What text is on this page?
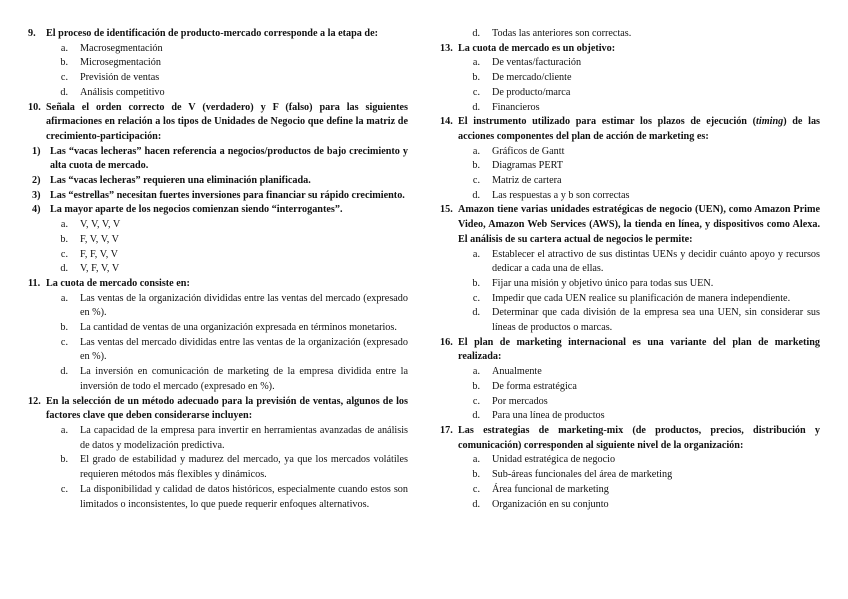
9.	El proceso de identificación de producto-mercado corresponde a la etapa de:
a. Macrosegmentación
b. Microsegmentación
c. Previsión de ventas
d. Análisis competitivo
10. Señala el orden correcto de V (verdadero) y F (falso) para las siguientes afirmaciones en relación a los tipos de Unidades de Negocio que define la matriz de crecimiento-participación:
1) Las “vacas lecheras” hacen referencia a negocios/productos de bajo crecimiento y alta cuota de mercado.
2) Las “vacas lecheras” requieren una eliminación planificada.
3) Las “estrellas” necesitan fuertes inversiones para financiar su rápido crecimiento.
4) La mayor aparte de los negocios comienzan siendo “interrogantes”.
a. V, V, V, V
b. F, V, V, V
c. F, F, V, V
d. V, F, V, V
11. La cuota de mercado consiste en:
a. Las ventas de la organización divididas entre las ventas del mercado (expresado en %).
b. La cantidad de ventas de una organización expresada en términos monetarios.
c. Las ventas del mercado divididas entre las ventas de la organización (expresado en %).
d. La inversión en comunicación de marketing de la empresa dividida entre la inversión de todo el mercado (expresado en %).
12. En la selección de un método adecuado para la previsión de ventas, algunos de los factores clave que deben considerarse incluyen:
a. La capacidad de la empresa para invertir en herramientas avanzadas de análisis de datos y modelización predictiva.
b. El grado de estabilidad y madurez del mercado, ya que los mercados volátiles requieren métodos más flexibles y dinámicos.
c. La disponibilidad y calidad de datos históricos, especialmente cuando estos son limitados o inconsistentes, lo que puede requerir enfoques alternativos.
d. Todas las anteriores son correctas.
13. La cuota de mercado es un objetivo:
a. De ventas/facturación
b. De mercado/cliente
c. De producto/marca
d. Financieros
14. El instrumento utilizado para estimar los plazos de ejecución (timing) de las acciones componentes del plan de acción de marketing es:
a. Gráficos de Gantt
b. Diagramas PERT
c. Matriz de cartera
d. Las respuestas a y b son correctas
15. Amazon tiene varias unidades estratégicas de negocio (UEN), como Amazon Prime Video, Amazon Web Services (AWS), la tienda en línea, y dispositivos como Alexa. El análisis de su cartera actual de negocios le permite:
a. Establecer el atractivo de sus distintas UENs y decidir cuánto apoyo y recursos dedicar a cada una de ellas.
b. Fijar una misión y objetivo único para todas sus UEN.
c. Impedir que cada UEN realice su planificación de manera independiente.
d. Determinar que cada división de la empresa sea una UEN, sin considerar sus líneas de productos o marcas.
16. El plan de marketing internacional es una variante del plan de marketing realizada:
a. Anualmente
b. De forma estratégica
c. Por mercados
d. Para una línea de productos
17. Las estrategias de marketing-mix (de productos, precios, distribución y comunicación) corresponden al siguiente nivel de la organización:
a. Unidad estratégica de negocio
b. Sub-áreas funcionales del área de marketing
c. Área funcional de marketing
d. Organización en su conjunto
